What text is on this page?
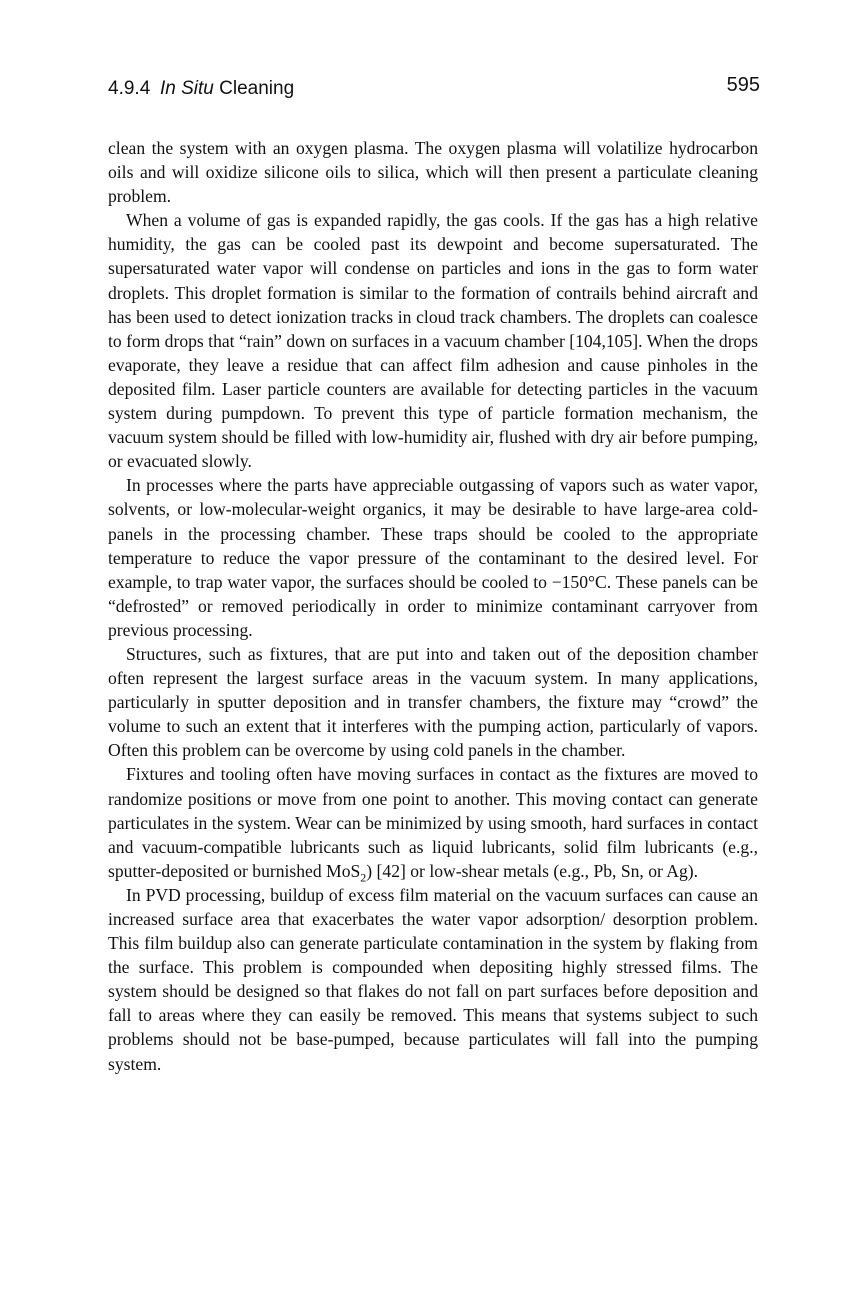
4.9.4 In Situ Cleaning	595

clean the system with an oxygen plasma. The oxygen plasma will volatilize hydrocarbon oils and will oxidize silicone oils to silica, which will then present a particulate cleaning problem.

When a volume of gas is expanded rapidly, the gas cools. If the gas has a high relative humidity, the gas can be cooled past its dewpoint and become supersaturated. The supersaturated water vapor will condense on particles and ions in the gas to form water droplets. This droplet formation is similar to the formation of contrails behind aircraft and has been used to detect ionization tracks in cloud track chambers. The droplets can coalesce to form drops that “rain” down on surfaces in a vacuum chamber [104,105]. When the drops evaporate, they leave a residue that can affect film adhesion and cause pinholes in the deposited film. Laser particle counters are available for detecting particles in the vacuum system during pumpdown. To prevent this type of particle formation mechanism, the vacuum system should be filled with low-humidity air, flushed with dry air before pumping, or evacuated slowly.

In processes where the parts have appreciable outgassing of vapors such as water vapor, solvents, or low-molecular-weight organics, it may be desirable to have large-area cold-panels in the processing chamber. These traps should be cooled to the appropriate temperature to reduce the vapor pressure of the contaminant to the desired level. For example, to trap water vapor, the surfaces should be cooled to −150°C. These panels can be “defrosted” or removed periodically in order to minimize contaminant carryover from previous processing.

Structures, such as fixtures, that are put into and taken out of the deposition chamber often represent the largest surface areas in the vacuum system. In many applications, particularly in sputter deposition and in transfer chambers, the fixture may “crowd” the volume to such an extent that it interferes with the pumping action, particularly of vapors. Often this problem can be overcome by using cold panels in the chamber.

Fixtures and tooling often have moving surfaces in contact as the fixtures are moved to randomize positions or move from one point to another. This moving contact can generate particulates in the system. Wear can be minimized by using smooth, hard surfaces in contact and vacuum-compatible lubricants such as liquid lubricants, solid film lubricants (e.g., sputter-deposited or burnished MoS$_2$) [42] or low-shear metals (e.g., Pb, Sn, or Ag).

In PVD processing, buildup of excess film material on the vacuum surfaces can cause an increased surface area that exacerbates the water vapor adsorption/ desorption problem. This film buildup also can generate particulate contamination in the system by flaking from the surface. This problem is compounded when depositing highly stressed films. The system should be designed so that flakes do not fall on part surfaces before deposition and fall to areas where they can easily be removed. This means that systems subject to such problems should not be base-pumped, because particulates will fall into the pumping system.
